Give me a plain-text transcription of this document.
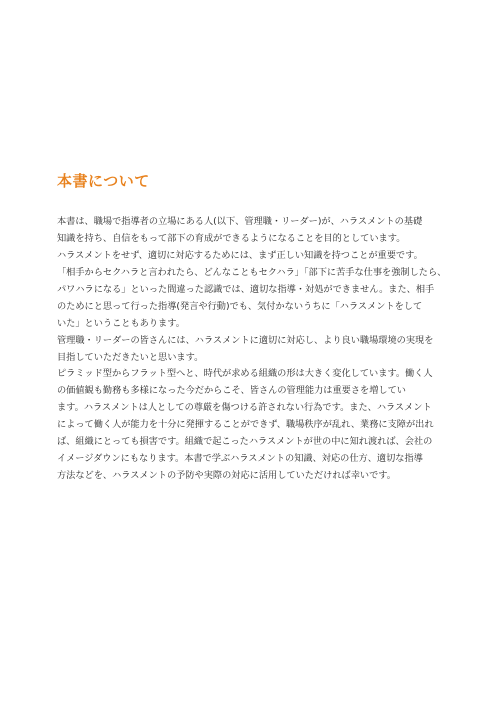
本書について
本書は、職場で指導者の立場にある人(以下、管理職・リーダー)が、ハラスメントの基礎
知識を持ち、自信をもって部下の育成ができるようになることを目的としています。
ハラスメントをせず、適切に対応するためには、まず正しい知識を持つことが重要です。
「相手からセクハラと言われたら、どんなこともセクハラ」「部下に苦手な仕事を強制したら、
パワハラになる」といった間違った認識では、適切な指導・対処ができません。また、相手
のためにと思って行った指導(発言や行動)でも、気付かないうちに「ハラスメントをして
いた」ということもあります。
管理職・リーダーの皆さんには、ハラスメントに適切に対応し、より良い職場環境の実現を
目指していただきたいと思います。
ピラミッド型からフラット型へと、時代が求める組織の形は大きく変化しています。働く人
の価値観も勤務も多様になった今だからこそ、皆さんの管理能力は重要さを増してい
ます。ハラスメントは人としての尊厳を傷つける許されない行為です。また、ハラスメント
によって働く人が能力を十分に発揮することができず、職場秩序が乱れ、業務に支障が出れ
ば、組織にとっても損害です。組織で起こったハラスメントが世の中に知れ渡れば、会社の
イメージダウンにもなります。本書で学ぶハラスメントの知識、対応の仕方、適切な指導
方法などを、ハラスメントの予防や実際の対応に活用していただければ幸いです。
